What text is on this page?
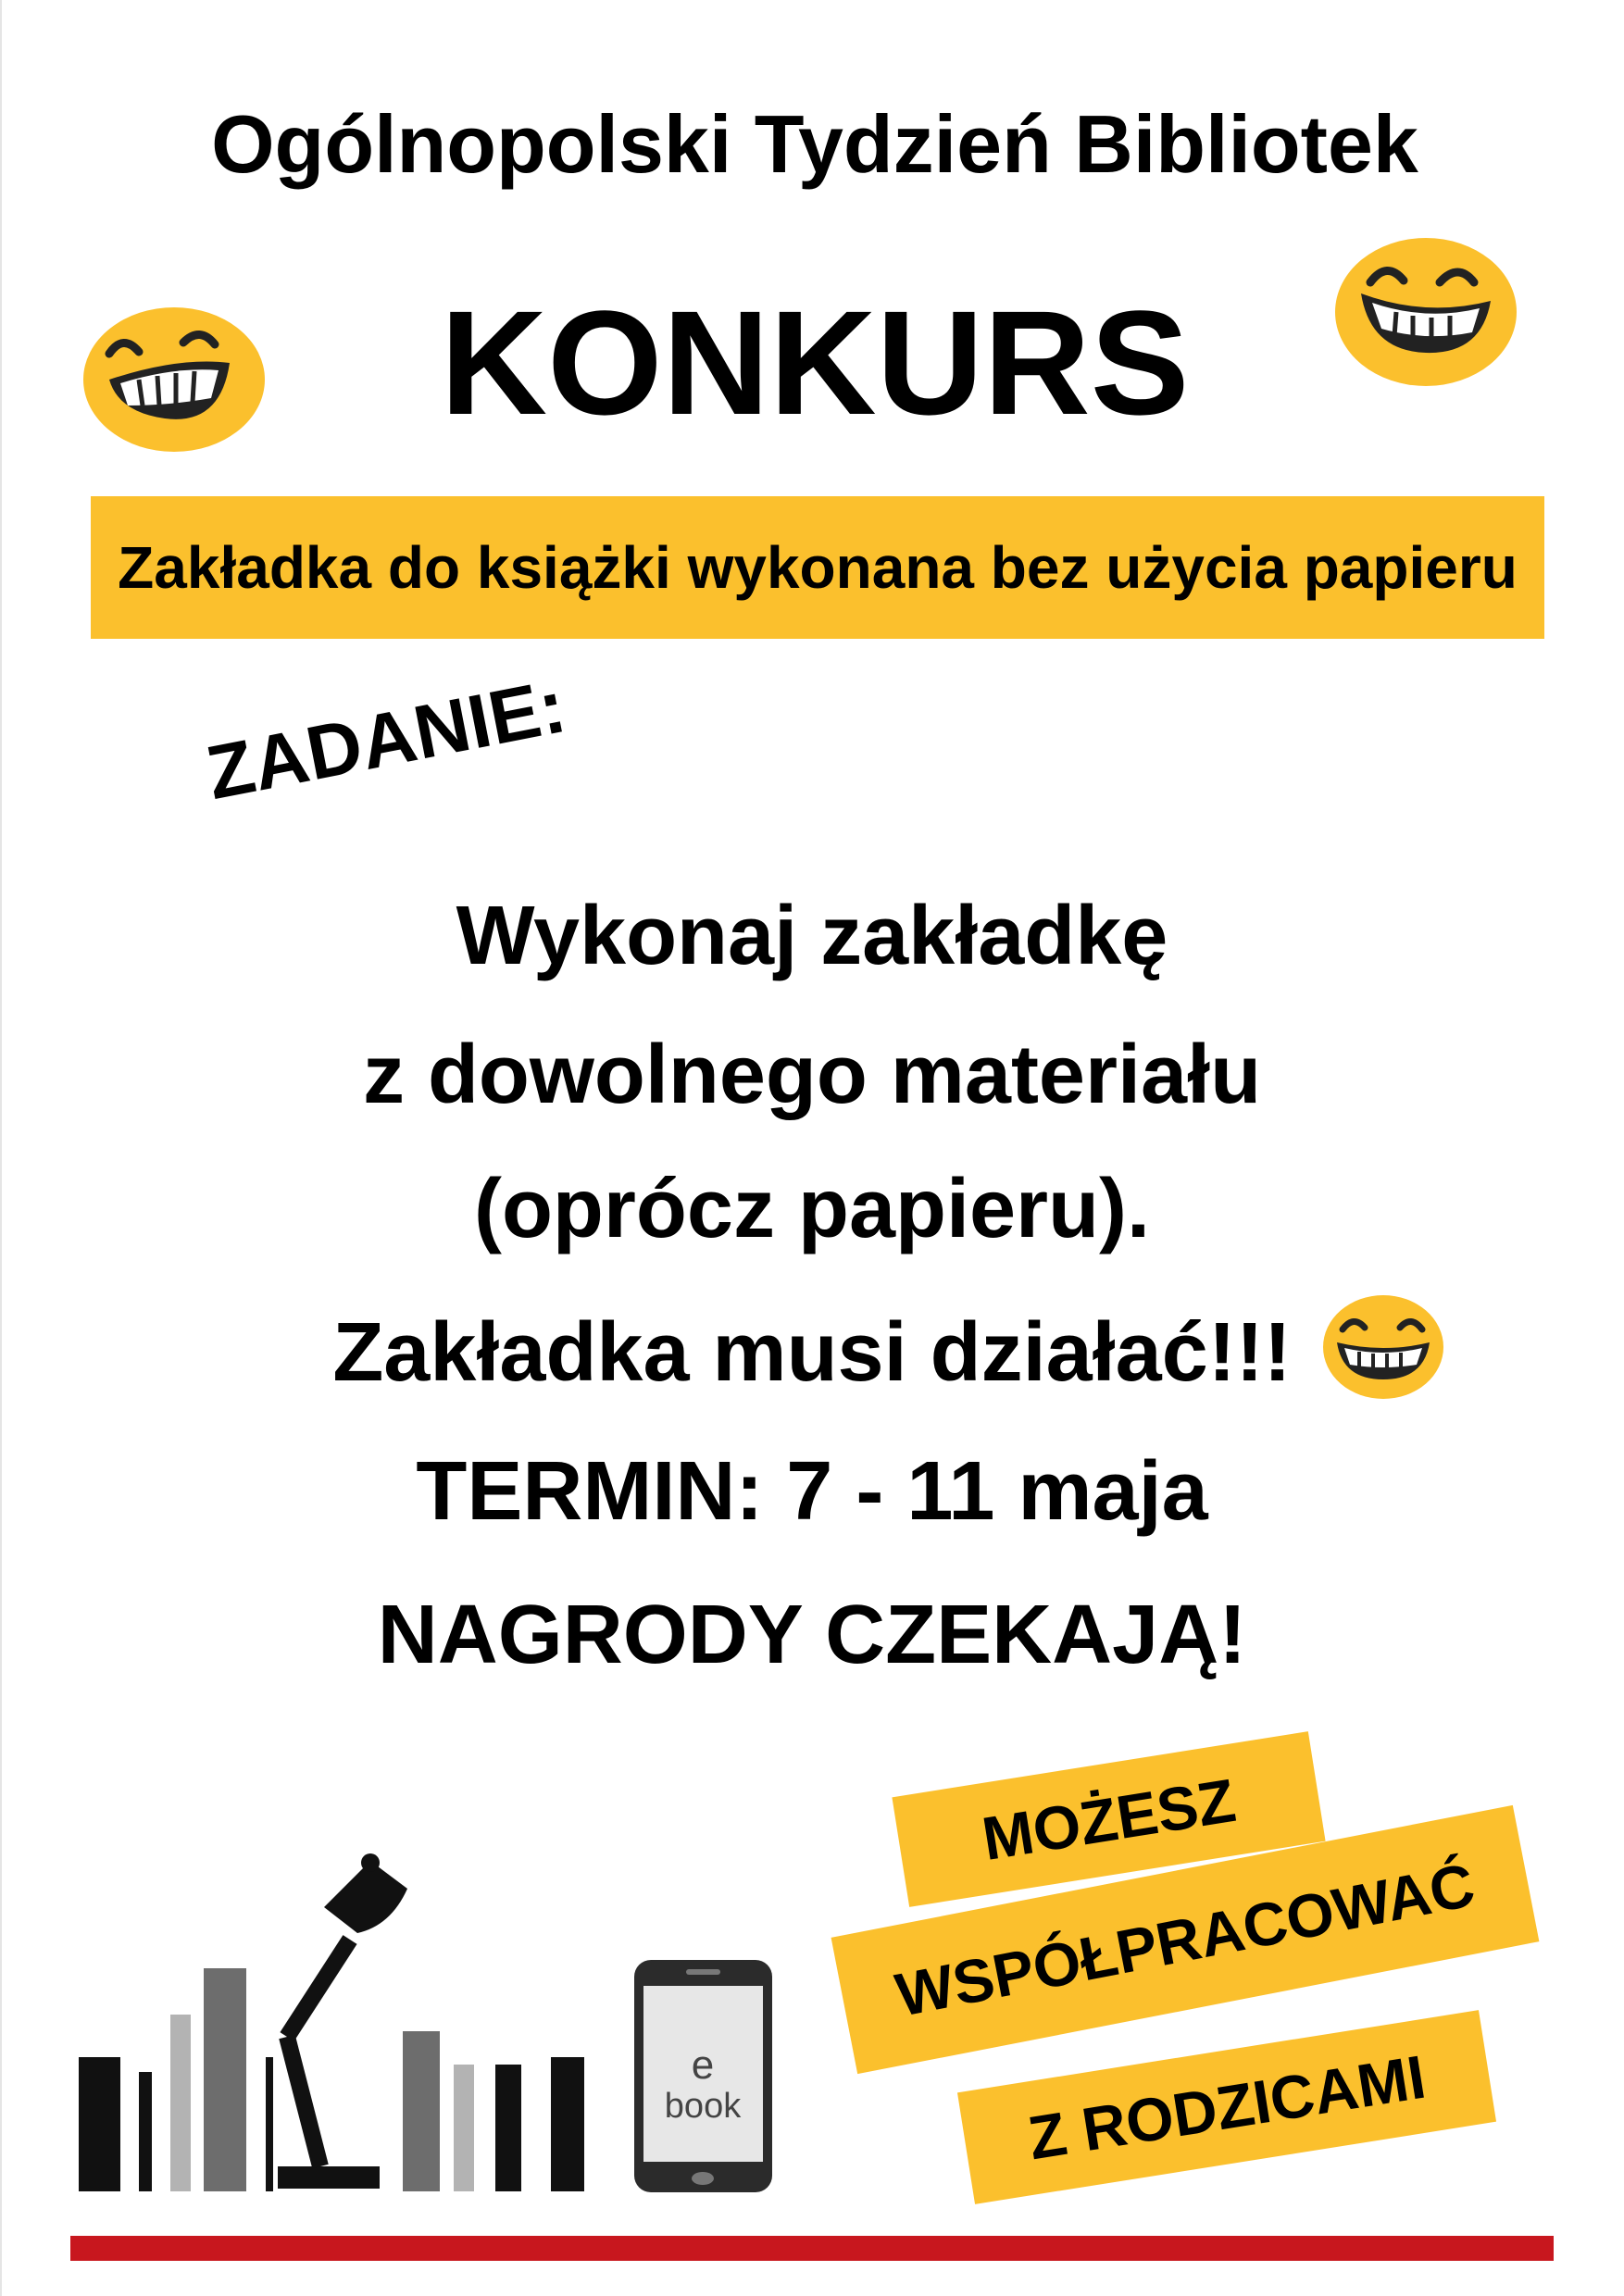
Ogólnopolski Tydzień Bibliotek
KONKURS
Zakładka do książki wykonana bez użycia papieru
ZADANIE:
Wykonaj zakładkę
z dowolnego materiału
(oprócz papieru).
Zakładka musi działać!!!
TERMIN: 7 - 11 maja
NAGRODY CZEKAJĄ!
e
book
MOŻESZ
WSPÓŁPRACOWAĆ
Z RODZICAMI
